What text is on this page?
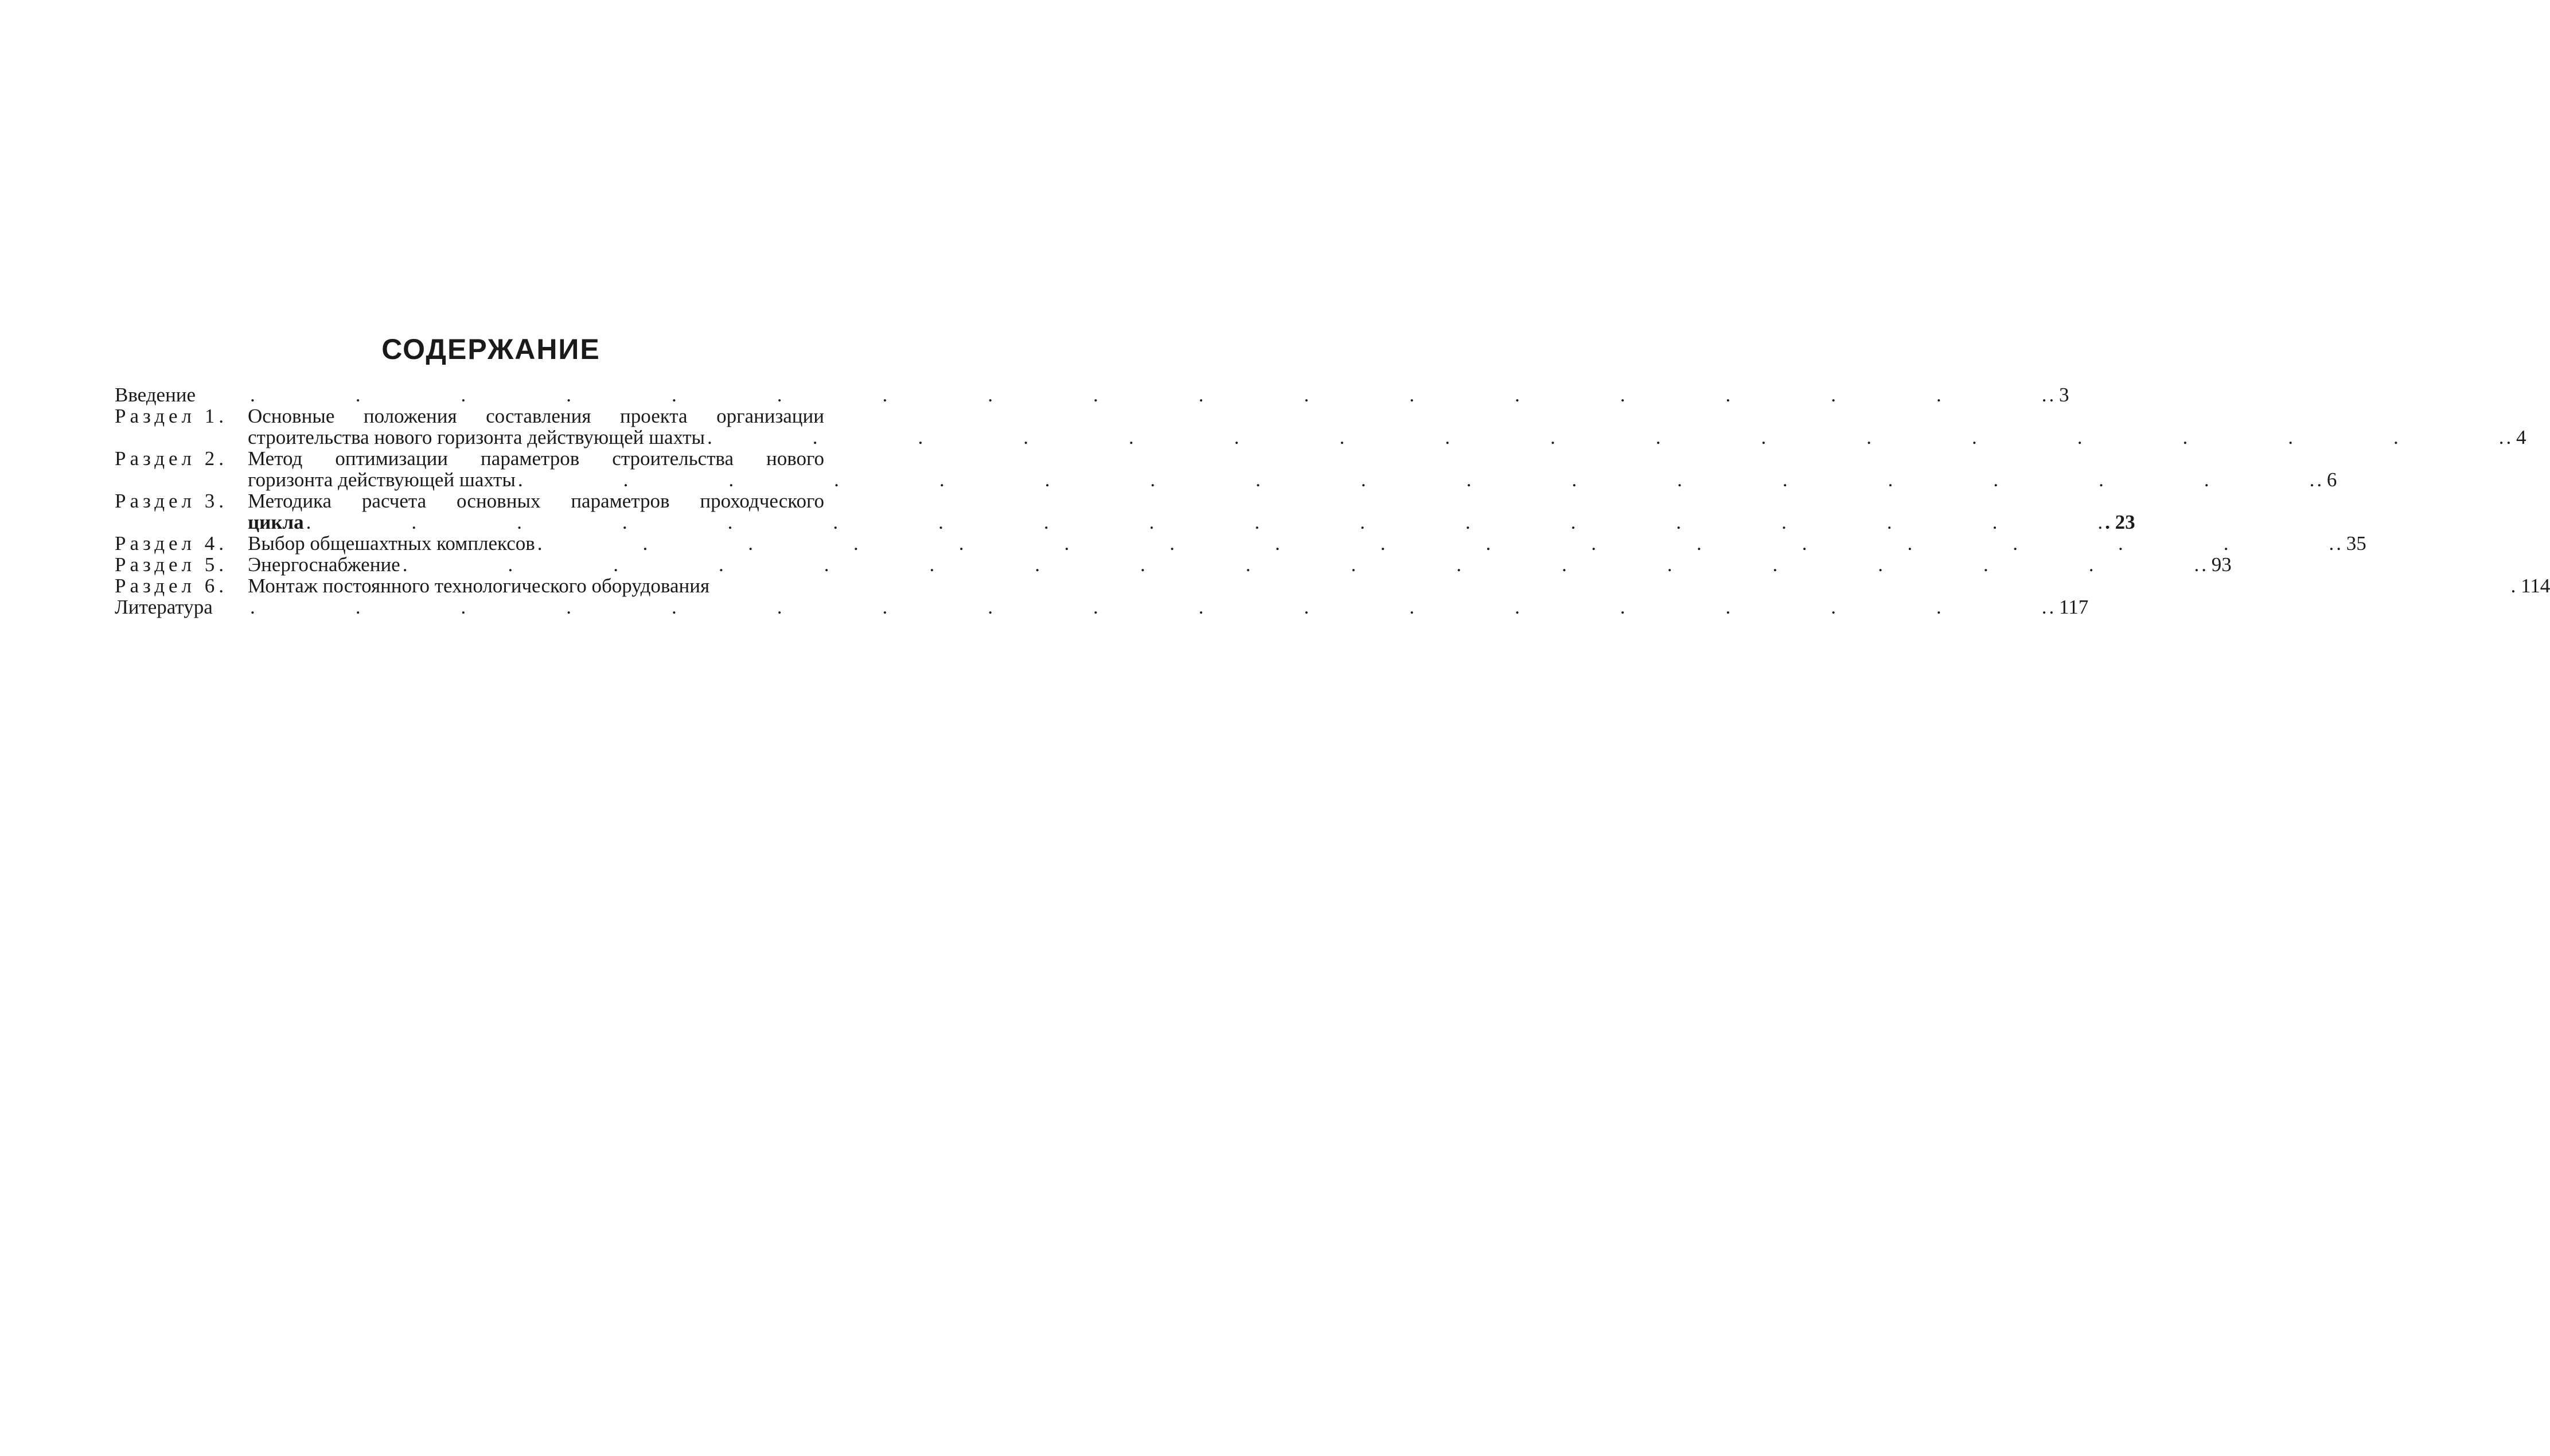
СОДЕРЖАНИЕ
Введение .	. 3
Раздел 1. Основные положения составления проекта организации
строительства нового горизонта действующей шахты .	. 4
Раздел 2. Метод оптимизации параметров строительства нового
горизонта действующей шахты .	. 6
Раздел 3. Методика расчета основных параметров проходческого
цикла .	. 23
Раздел 4. Выбор общешахтных комплексов .	. 35
Раздел 5. Энергоснабжение .	. 93
Раздел 6. Монтаж постоянного технологического оборудования	. 114
Литература .	. 117
